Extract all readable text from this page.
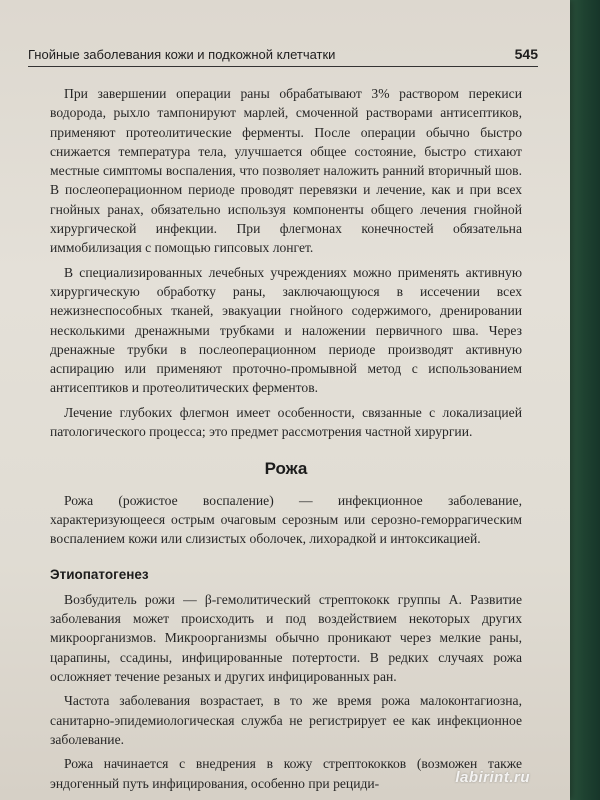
Гнойные заболевания кожи и подкожной клетчатки	545

При завершении операции раны обрабатывают 3% раствором перекиси водорода, рыхло тампонируют марлей, смоченной растворами антисептиков, применяют протеолитические ферменты. После операции обычно быстро снижается температура тела, улучшается общее состояние, быстро стихают местные симптомы воспаления, что позволяет наложить ранний вторичный шов. В послеоперационном периоде проводят перевязки и лечение, как и при всех гнойных ранах, обязательно используя компоненты общего лечения гнойной хирургической инфекции. При флегмонах конечностей обязательна иммобилизация с помощью гипсовых лонгет.

В специализированных лечебных учреждениях можно применять активную хирургическую обработку раны, заключающуюся в иссечении всех нежизнеспособных тканей, эвакуации гнойного содержимого, дренировании несколькими дренажными трубками и наложении первичного шва. Через дренажные трубки в послеоперационном периоде производят активную аспирацию или применяют проточно-промывной метод с использованием антисептиков и протеолитических ферментов.

Лечение глубоких флегмон имеет особенности, связанные с локализацией патологического процесса; это предмет рассмотрения частной хирургии.

Рожа

Рожа (рожистое воспаление) — инфекционное заболевание, характеризующееся острым очаговым серозным или серозно-геморрагическим воспалением кожи или слизистых оболочек, лихорадкой и интоксикацией.

Этиопатогенез

Возбудитель рожи — β-гемолитический стрептококк группы А. Развитие заболевания может происходить и под воздействием некоторых других микроорганизмов. Микроорганизмы обычно проникают через мелкие раны, царапины, ссадины, инфицированные потертости. В редких случаях рожа осложняет течение резаных и других инфицированных ран.

Частота заболевания возрастает, в то же время рожа малоконтагиозна, санитарно-эпидемиологическая служба не регистрирует ее как инфекционное заболевание.

Рожа начинается с внедрения в кожу стрептококков (возможен также эндогенный путь инфицирования, особенно при рециди-	labirint.ru
